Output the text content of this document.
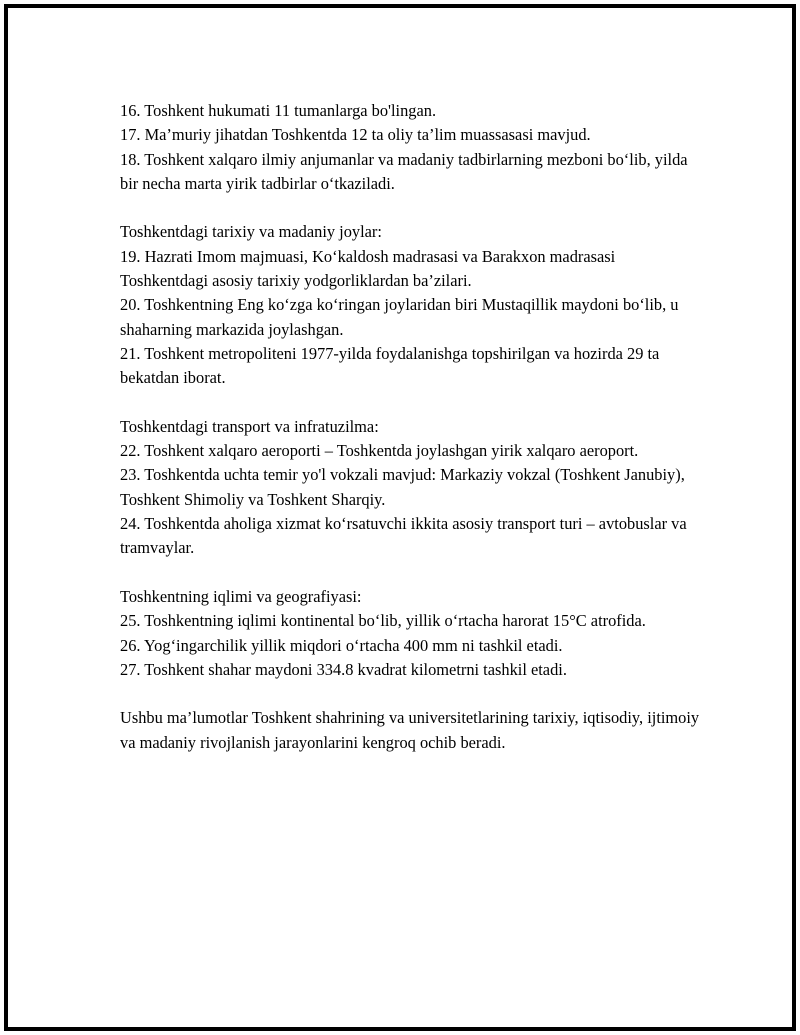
16. Toshkent hukumati 11 tumanlarga bo'lingan.

17. Ma’muriy jihatdan Toshkentda 12 ta oliy ta’lim muassasasi mavjud.

18. Toshkent xalqaro ilmiy anjumanlar va madaniy tadbirlarning mezboni bo‘lib, yilda bir necha marta yirik tadbirlar o‘tkaziladi.

Toshkentdagi tarixiy va madaniy joylar:

19. Hazrati Imom majmuasi, Ko‘kaldosh madrasasi va Barakxon madrasasi Toshkentdagi asosiy tarixiy yodgorliklardan ba’zilari.

20. Toshkentning Eng ko‘zga ko‘ringan joylaridan biri Mustaqillik maydoni bo‘lib, u shaharning markazida joylashgan.

21. Toshkent metropoliteni 1977-yilda foydalanishga topshirilgan va hozirda 29 ta bekatdan iborat.

Toshkentdagi transport va infratuzilma:

22. Toshkent xalqaro aeroporti – Toshkentda joylashgan yirik xalqaro aeroport.

23. Toshkentda uchta temir yo'l vokzali mavjud: Markaziy vokzal (Toshkent Janubiy), Toshkent Shimoliy va Toshkent Sharqiy.

24. Toshkentda aholiga xizmat ko‘rsatuvchi ikkita asosiy transport turi – avtobuslar va tramvaylar.

Toshkentning iqlimi va geografiyasi:

25. Toshkentning iqlimi kontinental bo‘lib, yillik o‘rtacha harorat 15°C atrofida.

26. Yog‘ingarchilik yillik miqdori o‘rtacha 400 mm ni tashkil etadi.

27. Toshkent shahar maydoni 334.8 kvadrat kilometrni tashkil etadi.

Ushbu ma’lumotlar Toshkent shahrining va universitetlarining tarixiy, iqtisodiy, ijtimoiy va madaniy rivojlanish jarayonlarini kengroq ochib beradi.
